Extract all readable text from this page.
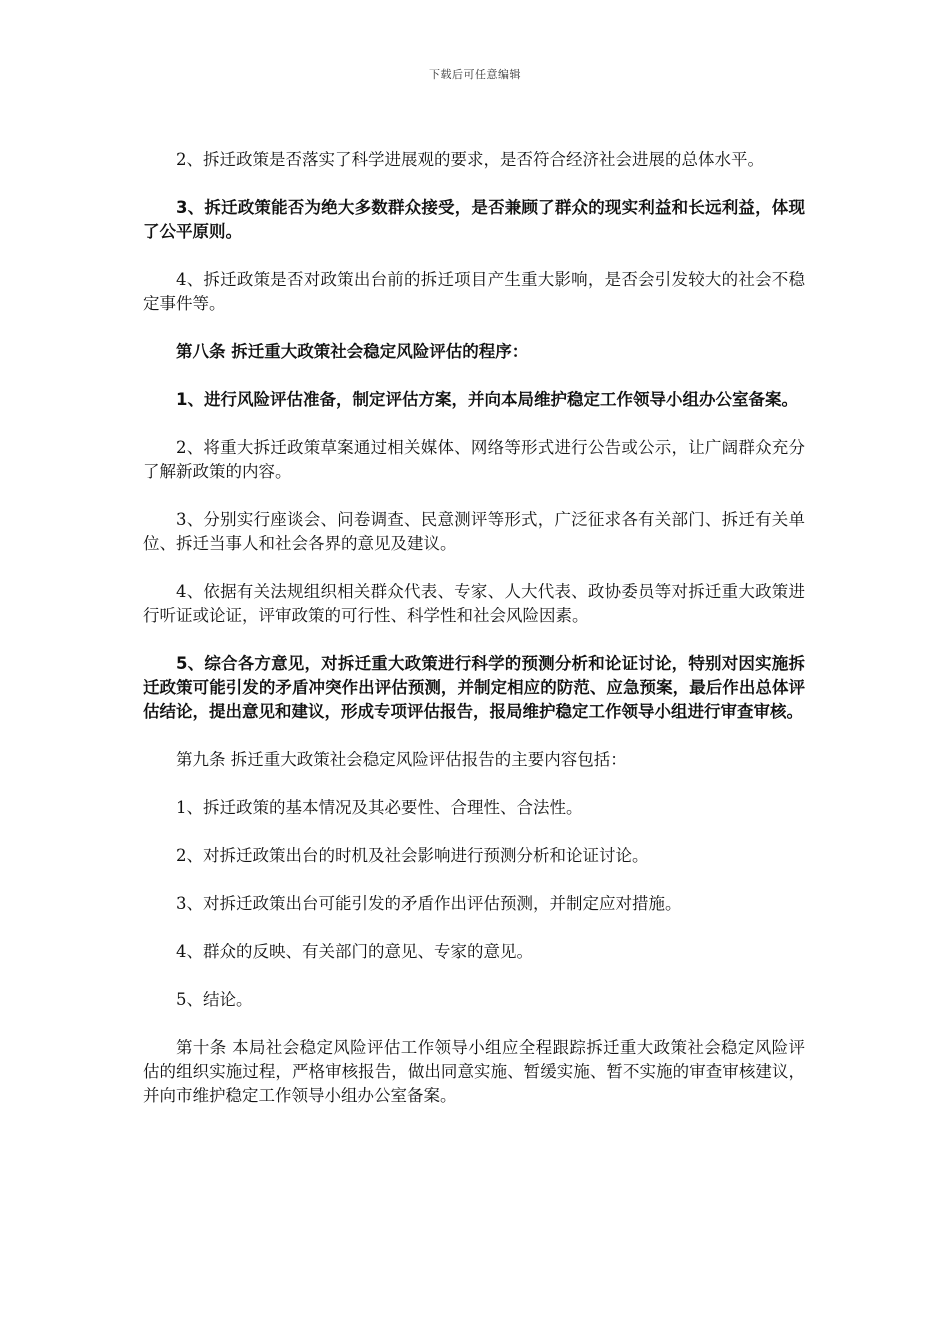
下载后可任意编辑

2、拆迁政策是否落实了科学进展观的要求，是否符合经济社会进展的总体水平。

3、拆迁政策能否为绝大多数群众接受，是否兼顾了群众的现实利益和长远利益，体现了公平原则。

4、拆迁政策是否对政策出台前的拆迁项目产生重大影响，是否会引发较大的社会不稳定事件等。

第八条 拆迁重大政策社会稳定风险评估的程序：

1、进行风险评估准备，制定评估方案，并向本局维护稳定工作领导小组办公室备案。

2、将重大拆迁政策草案通过相关媒体、网络等形式进行公告或公示，让广阔群众充分了解新政策的内容。

3、分别实行座谈会、问卷调查、民意测评等形式，广泛征求各有关部门、拆迁有关单位、拆迁当事人和社会各界的意见及建议。

4、依据有关法规组织相关群众代表、专家、人大代表、政协委员等对拆迁重大政策进行听证或论证，评审政策的可行性、科学性和社会风险因素。

5、综合各方意见，对拆迁重大政策进行科学的预测分析和论证讨论，特别对因实施拆迁政策可能引发的矛盾冲突作出评估预测，并制定相应的防范、应急预案，最后作出总体评估结论，提出意见和建议，形成专项评估报告，报局维护稳定工作领导小组进行审查审核。

第九条 拆迁重大政策社会稳定风险评估报告的主要内容包括：

1、拆迁政策的基本情况及其必要性、合理性、合法性。

2、对拆迁政策出台的时机及社会影响进行预测分析和论证讨论。

3、对拆迁政策出台可能引发的矛盾作出评估预测，并制定应对措施。

4、群众的反映、有关部门的意见、专家的意见。

5、结论。

第十条 本局社会稳定风险评估工作领导小组应全程跟踪拆迁重大政策社会稳定风险评估的组织实施过程，严格审核报告，做出同意实施、暂缓实施、暂不实施的审查审核建议，并向市维护稳定工作领导小组办公室备案。
